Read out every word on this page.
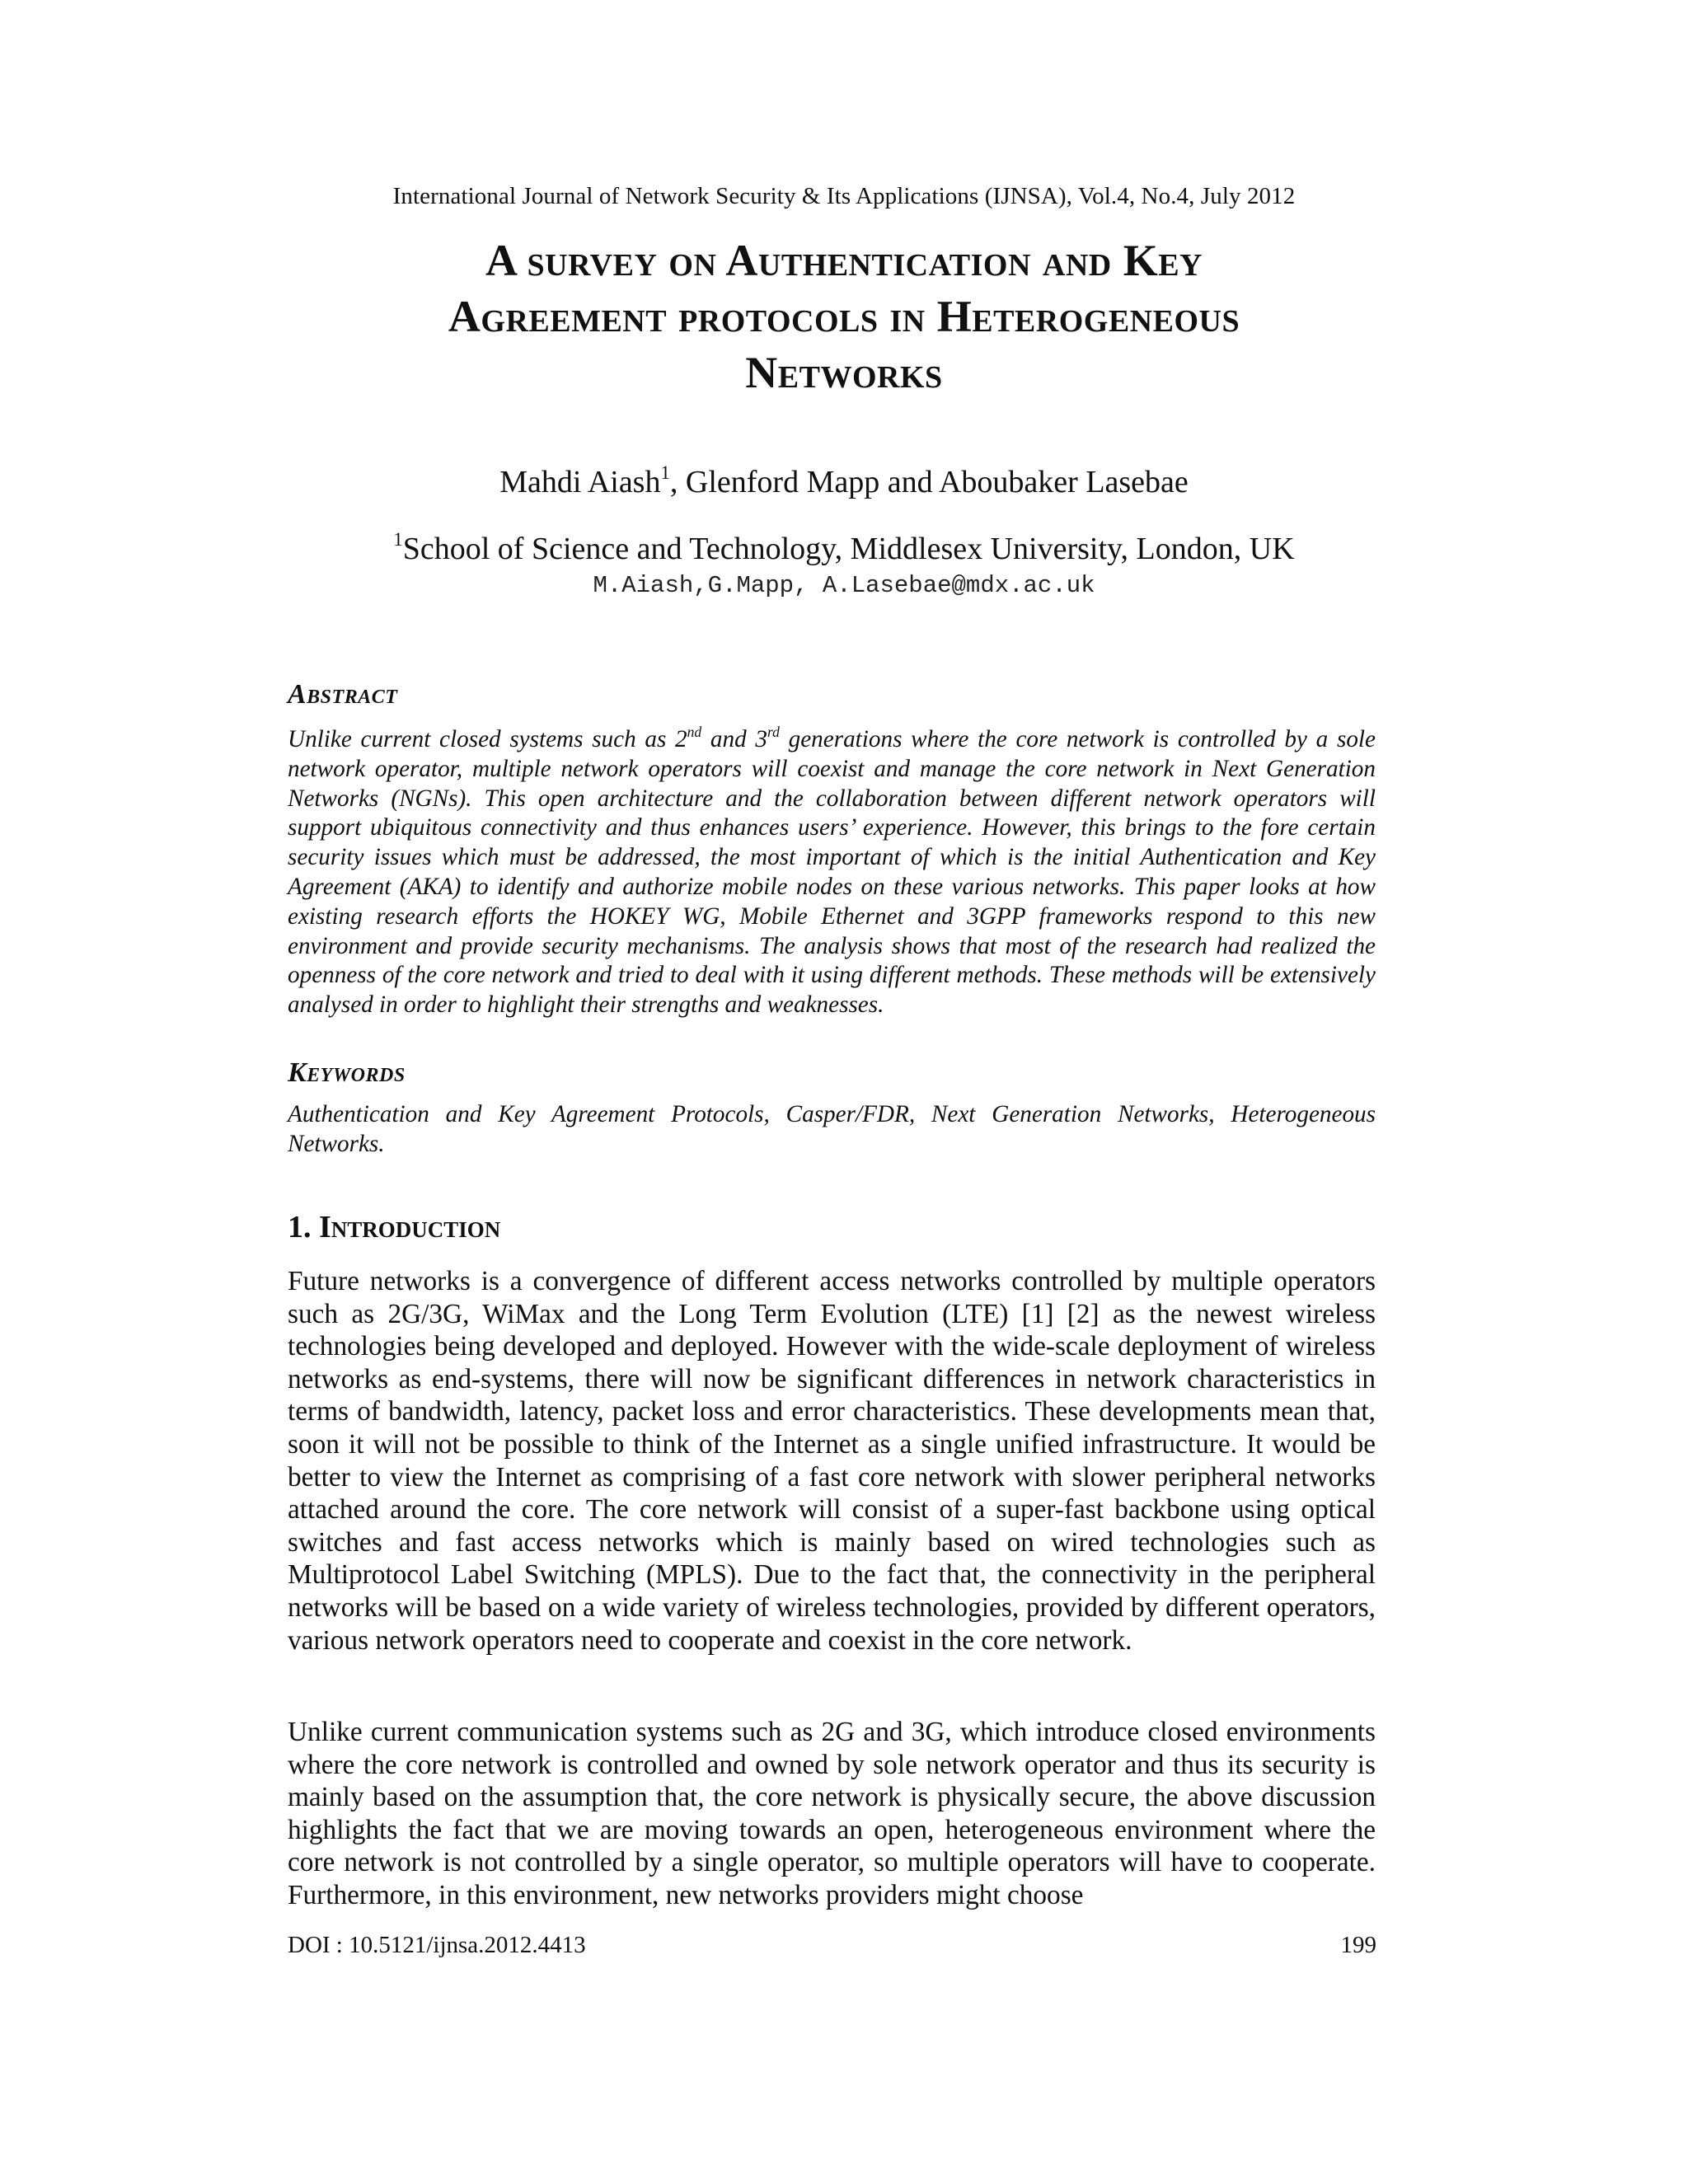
International Journal of Network Security & Its Applications (IJNSA), Vol.4, No.4, July 2012
A survey on Authentication and Key
Agreement protocols in Heterogeneous
Networks
Mahdi Aiash$^1$, Glenford Mapp and Aboubaker Lasebae
$^1$School of Science and Technology, Middlesex University, London, UK
M.Aiash,G.Mapp, A.Lasebae@mdx.ac.uk
Abstract
Unlike current closed systems such as 2nd and 3rd generations where the core network is controlled by a sole network operator, multiple network operators will coexist and manage the core network in Next Generation Networks (NGNs). This open architecture and the collaboration between different network operators will support ubiquitous connectivity and thus enhances users’ experience. However, this brings to the fore certain security issues which must be addressed, the most important of which is the initial Authentication and Key Agreement (AKA) to identify and authorize mobile nodes on these various networks. This paper looks at how existing research efforts the HOKEY WG, Mobile Ethernet and 3GPP frameworks respond to this new environment and provide security mechanisms. The analysis shows that most of the research had realized the openness of the core network and tried to deal with it using different methods. These methods will be extensively analysed in order to highlight their strengths and weaknesses.
Keywords
Authentication and Key Agreement Protocols, Casper/FDR, Next Generation Networks, Heterogeneous Networks.
1. Introduction
Future networks is a convergence of different access networks controlled by multiple operators such as 2G/3G, WiMax and the Long Term Evolution (LTE) [1] [2] as the newest wireless technologies being developed and deployed. However with the wide-scale deployment of wireless networks as end-systems, there will now be significant differences in network characteristics in terms of bandwidth, latency, packet loss and error characteristics. These developments mean that, soon it will not be possible to think of the Internet as a single unified infrastructure. It would be better to view the Internet as comprising of a fast core network with slower peripheral networks attached around the core. The core network will consist of a super-fast backbone using optical switches and fast access networks which is mainly based on wired technologies such as Multiprotocol Label Switching (MPLS). Due to the fact that, the connectivity in the peripheral networks will be based on a wide variety of wireless technologies, provided by different operators, various network operators need to cooperate and coexist in the core network.
Unlike current communication systems such as 2G and 3G, which introduce closed environments where the core network is controlled and owned by sole network operator and thus its security is mainly based on the assumption that, the core network is physically secure, the above discussion highlights the fact that we are moving towards an open, heterogeneous environment where the core network is not controlled by a single operator, so multiple operators will have to cooperate. Furthermore, in this environment, new networks providers might choose
DOI : 10.5121/ijnsa.2012.4413	199
